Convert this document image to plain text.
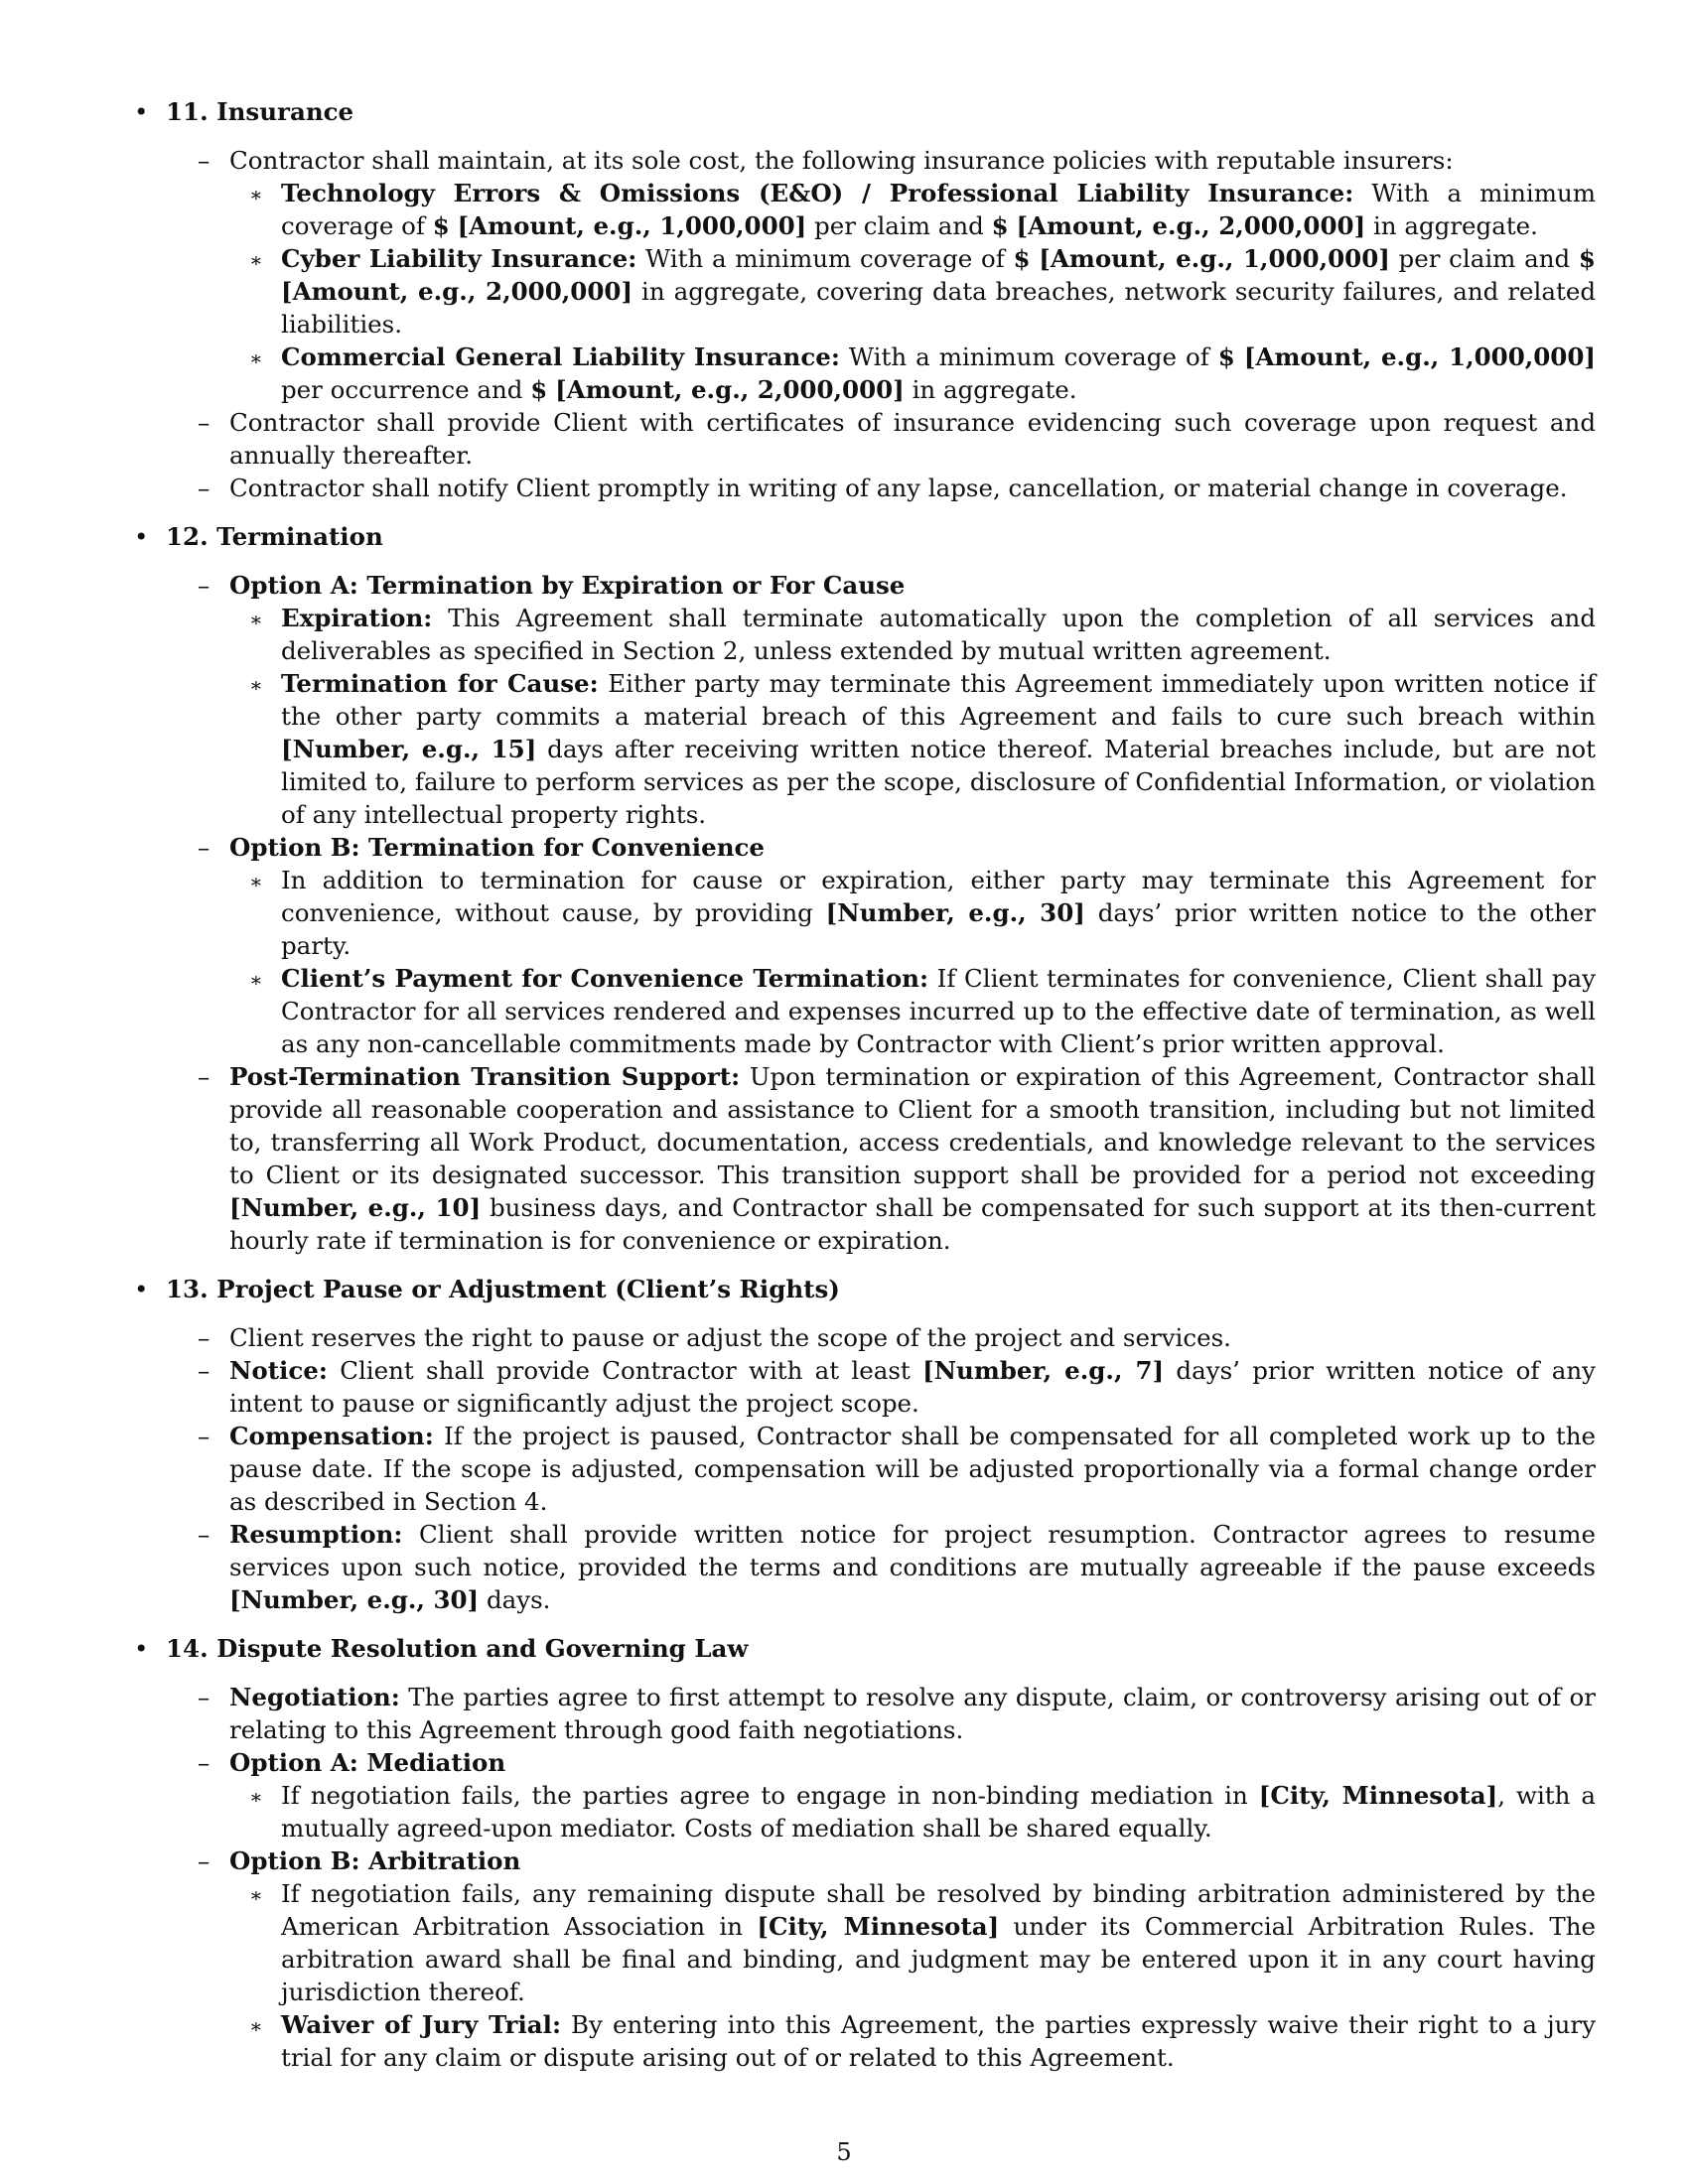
• 11. Insurance
– Contractor shall maintain, at its sole cost, the following insurance policies with reputable insurers:
∗ Technology Errors & Omissions (E&O) / Professional Liability Insurance: With a minimum coverage of $ [Amount, e.g., 1,000,000] per claim and $ [Amount, e.g., 2,000,000] in aggregate.
∗ Cyber Liability Insurance: With a minimum coverage of $ [Amount, e.g., 1,000,000] per claim and $ [Amount, e.g., 2,000,000] in aggregate, covering data breaches, network security failures, and related liabilities.
∗ Commercial General Liability Insurance: With a minimum coverage of $ [Amount, e.g., 1,000,000] per occurrence and $ [Amount, e.g., 2,000,000] in aggregate.
– Contractor shall provide Client with certificates of insurance evidencing such coverage upon request and annually thereafter.
– Contractor shall notify Client promptly in writing of any lapse, cancellation, or material change in coverage.
• 12. Termination
– Option A: Termination by Expiration or For Cause
∗ Expiration: This Agreement shall terminate automatically upon the completion of all services and deliverables as specified in Section 2, unless extended by mutual written agreement.
∗ Termination for Cause: Either party may terminate this Agreement immediately upon written notice if the other party commits a material breach of this Agreement and fails to cure such breach within [Number, e.g., 15] days after receiving written notice thereof. Material breaches include, but are not limited to, failure to perform services as per the scope, disclosure of Confidential Information, or violation of any intellectual property rights.
– Option B: Termination for Convenience
∗ In addition to termination for cause or expiration, either party may terminate this Agreement for convenience, without cause, by providing [Number, e.g., 30] days’ prior written notice to the other party.
∗ Client’s Payment for Convenience Termination: If Client terminates for convenience, Client shall pay Contractor for all services rendered and expenses incurred up to the effective date of termination, as well as any non-cancellable commitments made by Contractor with Client’s prior written approval.
– Post-Termination Transition Support: Upon termination or expiration of this Agreement, Contractor shall provide all reasonable cooperation and assistance to Client for a smooth transition, including but not limited to, transferring all Work Product, documentation, access credentials, and knowledge relevant to the services to Client or its designated successor. This transition support shall be provided for a period not exceeding [Number, e.g., 10] business days, and Contractor shall be compensated for such support at its then-current hourly rate if termination is for convenience or expiration.
• 13. Project Pause or Adjustment (Client’s Rights)
– Client reserves the right to pause or adjust the scope of the project and services.
– Notice: Client shall provide Contractor with at least [Number, e.g., 7] days’ prior written notice of any intent to pause or significantly adjust the project scope.
– Compensation: If the project is paused, Contractor shall be compensated for all completed work up to the pause date. If the scope is adjusted, compensation will be adjusted proportionally via a formal change order as described in Section 4.
– Resumption: Client shall provide written notice for project resumption. Contractor agrees to resume services upon such notice, provided the terms and conditions are mutually agreeable if the pause exceeds [Number, e.g., 30] days.
• 14. Dispute Resolution and Governing Law
– Negotiation: The parties agree to first attempt to resolve any dispute, claim, or controversy arising out of or relating to this Agreement through good faith negotiations.
– Option A: Mediation
∗ If negotiation fails, the parties agree to engage in non-binding mediation in [City, Minnesota], with a mutually agreed-upon mediator. Costs of mediation shall be shared equally.
– Option B: Arbitration
∗ If negotiation fails, any remaining dispute shall be resolved by binding arbitration administered by the American Arbitration Association in [City, Minnesota] under its Commercial Arbitration Rules. The arbitration award shall be final and binding, and judgment may be entered upon it in any court having jurisdiction thereof.
∗ Waiver of Jury Trial: By entering into this Agreement, the parties expressly waive their right to a jury trial for any claim or dispute arising out of or related to this Agreement.
5
